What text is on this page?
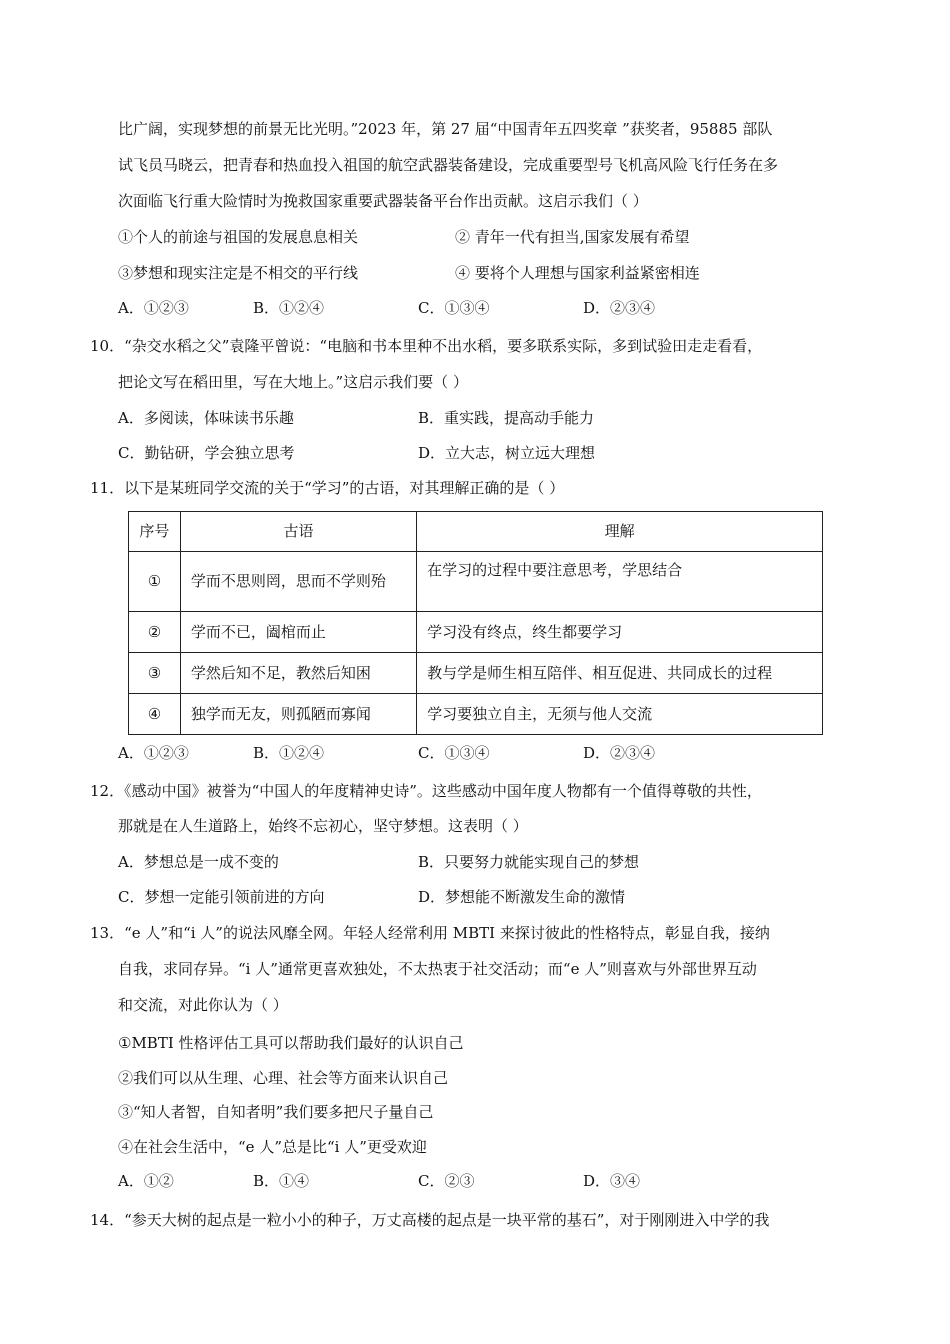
比广阔，实现梦想的前景无比光明。”2023 年，第 27 届“中国青年五四奖章 ”获奖者，95885 部队
试飞员马晓云，把青春和热血投入祖国的航空武器装备建设，完成重要型号飞机高风险飞行任务在多
次面临飞行重大险情时为挽救国家重要武器装备平台作出贡献。这启示我们（ ）
①个人的前途与祖国的发展息息相关	② 青年一代有担当,国家发展有希望
③梦想和现实注定是不相交的平行线	④ 要将个人理想与国家利益紧密相连
A．①②③	B．①②④	C．①③④	D．②③④
10．“杂交水稻之父”袁隆平曾说：“电脑和书本里种不出水稻，要多联系实际，多到试验田走走看看，
把论文写在稻田里，写在大地上。”这启示我们要（ ）
A．多阅读，体味读书乐趣	B．重实践，提高动手能力
C．勤钻研，学会独立思考	D．立大志，树立远大理想
11．以下是某班同学交流的关于“学习”的古语，对其理解正确的是（ ）
序号	古语	理解
①	学而不思则罔，思而不学则殆	在学习的过程中要注意思考，学思结合
②	学而不已，阖棺而止	学习没有终点，终生都要学习
③	学然后知不足，教然后知困	教与学是师生相互陪伴、相互促进、共同成长的过程
④	独学而无友，则孤陋而寡闻	学习要独立自主，无须与他人交流
A．①②③	B．①②④	C．①③④	D．②③④
12．《感动中国》被誉为“中国人的年度精神史诗”。这些感动中国年度人物都有一个值得尊敬的共性，
那就是在人生道路上，始终不忘初心，坚守梦想。这表明（ ）
A．梦想总是一成不变的	B．只要努力就能实现自己的梦想
C．梦想一定能引领前进的方向	D．梦想能不断激发生命的激情
13．“e 人”和“i 人”的说法风靡全网。年轻人经常利用 MBTI 来探讨彼此的性格特点，彰显自我，接纳
自我，求同存异。“i 人”通常更喜欢独处，不太热衷于社交活动；而“e 人”则喜欢与外部世界互动
和交流，对此你认为（ ）
①MBTI 性格评估工具可以帮助我们最好的认识自己
②我们可以从生理、心理、社会等方面来认识自己
③“知人者智，自知者明”我们要多把尺子量自己
④在社会生活中，“e 人”总是比“i 人”更受欢迎
A．①②	B．①④	C．②③	D．③④
14．“参天大树的起点是一粒小小的种子，万丈高楼的起点是一块平常的基石”，对于刚刚进入中学的我
